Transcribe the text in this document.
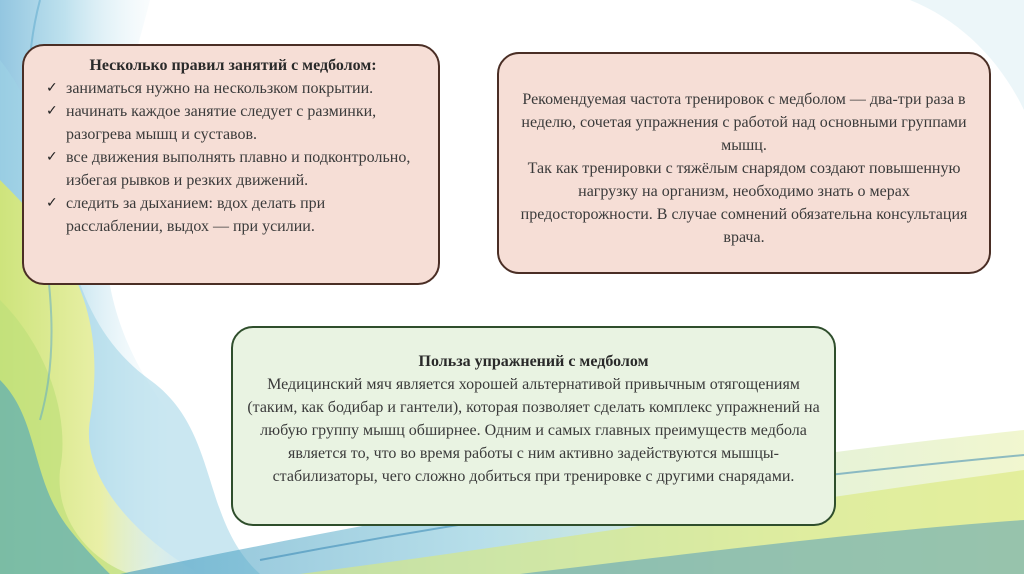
Несколько правил занятий с медболом:
✓ заниматься нужно на нескользком покрытии.
✓ начинать каждое занятие следует с разминки, разогрева мышц и суставов.
✓ все движения выполнять плавно и подконтрольно, избегая рывков и резких движений.
✓ следить за дыханием: вдох делать при расслаблении, выдох — при усилии.

Рекомендуемая частота тренировок с медболом — два-три раза в неделю, сочетая упражнения с работой над основными группами мышц.

Так как тренировки с тяжёлым снарядом создают повышенную нагрузку на организм, необходимо знать о мерах предосторожности. В случае сомнений обязательна консультация врача.

Польза упражнений с медболом

Медицинский мяч является хорошей альтернативой привычным отягощениям (таким, как бодибар и гантели), которая позволяет сделать комплекс упражнений на любую группу мышц обширнее. Одним и самых главных преимуществ медбола является то, что во время работы с ним активно задействуются мышцы-стабилизаторы, чего сложно добиться при тренировке с другими снарядами.
